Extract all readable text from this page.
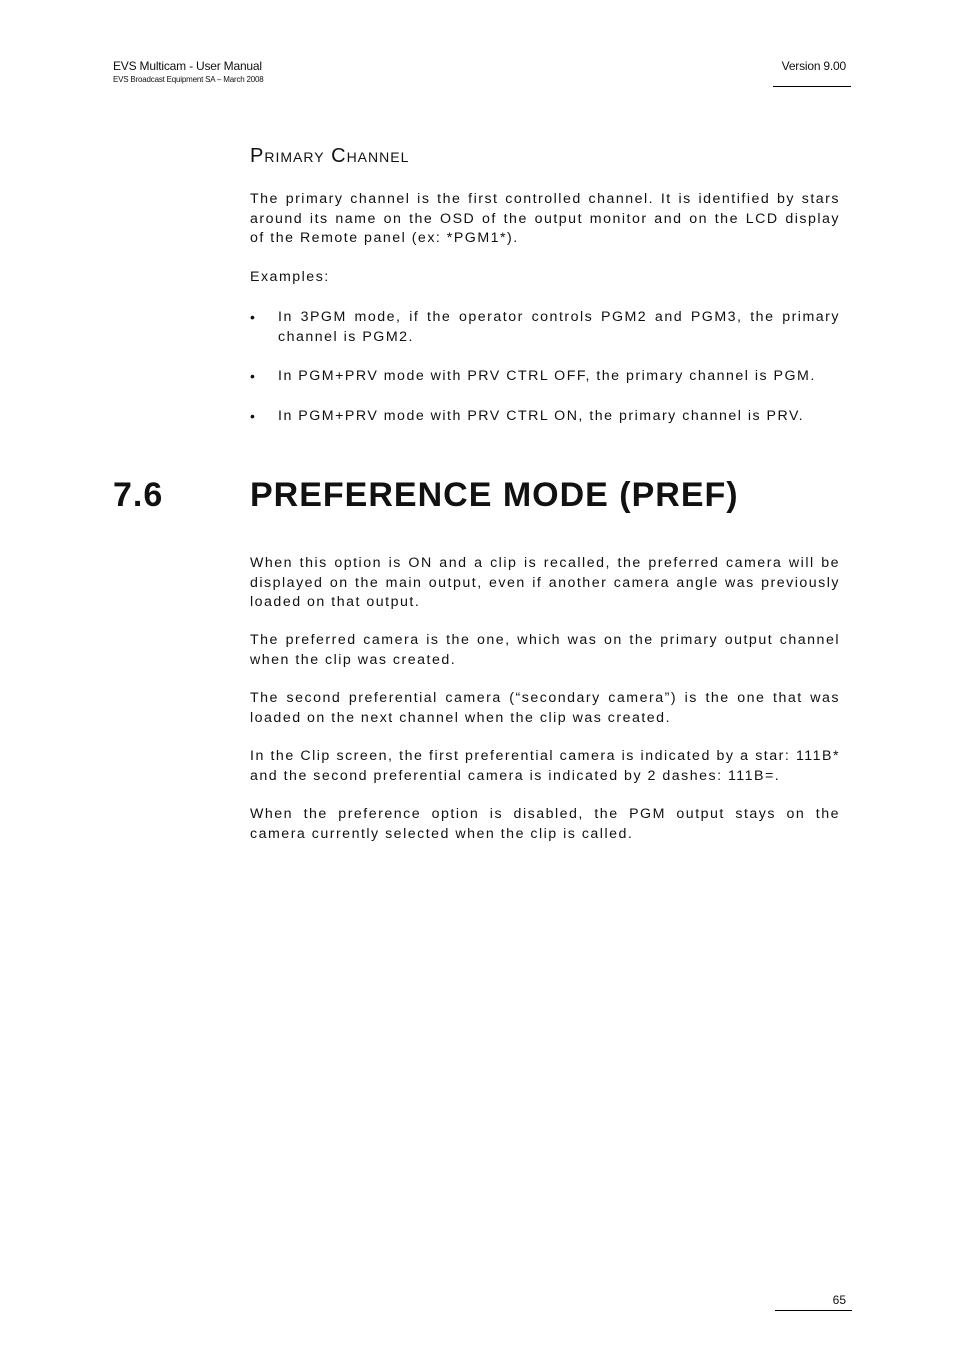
EVS Multicam - User Manual
EVS Broadcast Equipment SA – March 2008
Version 9.00
Primary Channel

The primary channel is the first controlled channel. It is identified by stars around its name on the OSD of the output monitor and on the LCD display of the Remote panel (ex: *PGM1*).

Examples:

• In 3PGM mode, if the operator controls PGM2 and PGM3, the primary channel is PGM2.

• In PGM+PRV mode with PRV CTRL OFF, the primary channel is PGM.

• In PGM+PRV mode with PRV CTRL ON, the primary channel is PRV.

7.6	PREFERENCE MODE (PREF)

When this option is ON and a clip is recalled, the preferred camera will be displayed on the main output, even if another camera angle was previously loaded on that output.

The preferred camera is the one, which was on the primary output channel when the clip was created.

The second preferential camera (“secondary camera”) is the one that was loaded on the next channel when the clip was created.

In the Clip screen, the first preferential camera is indicated by a star: 111B* and the second preferential camera is indicated by 2 dashes: 111B=.

When the preference option is disabled, the PGM output stays on the camera currently selected when the clip is called.

65
